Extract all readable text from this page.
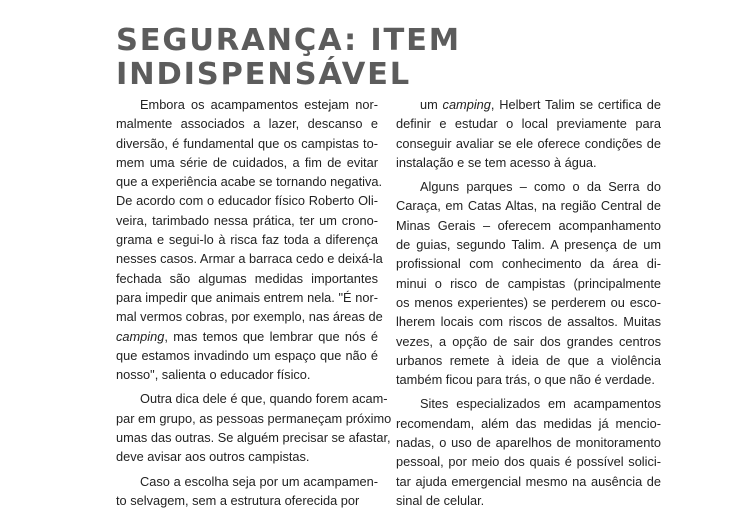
SEGURANÇA: ITEM
INDISPENSÁVEL
Embora os acampamentos estejam nor-
malmente associados a lazer, descanso e
diversão, é fundamental que os campistas to-
mem uma série de cuidados, a fim de evitar
que a experiência acabe se tornando negativa.
De acordo com o educador físico Roberto Oli-
veira, tarimbado nessa prática, ter um crono-
grama e segui-lo à risca faz toda a diferença
nesses casos. Armar a barraca cedo e deixá-la
fechada são algumas medidas importantes
para impedir que animais entrem nela. "É nor-
mal vermos cobras, por exemplo, nas áreas de
camping, mas temos que lembrar que nós é
que estamos invadindo um espaço que não é
nosso", salienta o educador físico.
Outra dica dele é que, quando forem acam-
par em grupo, as pessoas permaneçam próximo
umas das outras. Se alguém precisar se afastar,
deve avisar aos outros campistas.
Caso a escolha seja por um acampamen-
to selvagem, sem a estrutura oferecida por
um camping, Helbert Talim se certifica de
definir e estudar o local previamente para
conseguir avaliar se ele oferece condições de
instalação e se tem acesso à água.
Alguns parques – como o da Serra do
Caraça, em Catas Altas, na região Central de
Minas Gerais – oferecem acompanhamento
de guias, segundo Talim. A presença de um
profissional com conhecimento da área di-
minui o risco de campistas (principalmente
os menos experientes) se perderem ou esco-
lherem locais com riscos de assaltos. Muitas
vezes, a opção de sair dos grandes centros
urbanos remete à ideia de que a violência
também ficou para trás, o que não é verdade.
Sites especializados em acampamentos
recomendam, além das medidas já mencio-
nadas, o uso de aparelhos de monitoramento
pessoal, por meio dos quais é possível solici-
tar ajuda emergencial mesmo na ausência de
sinal de celular.
